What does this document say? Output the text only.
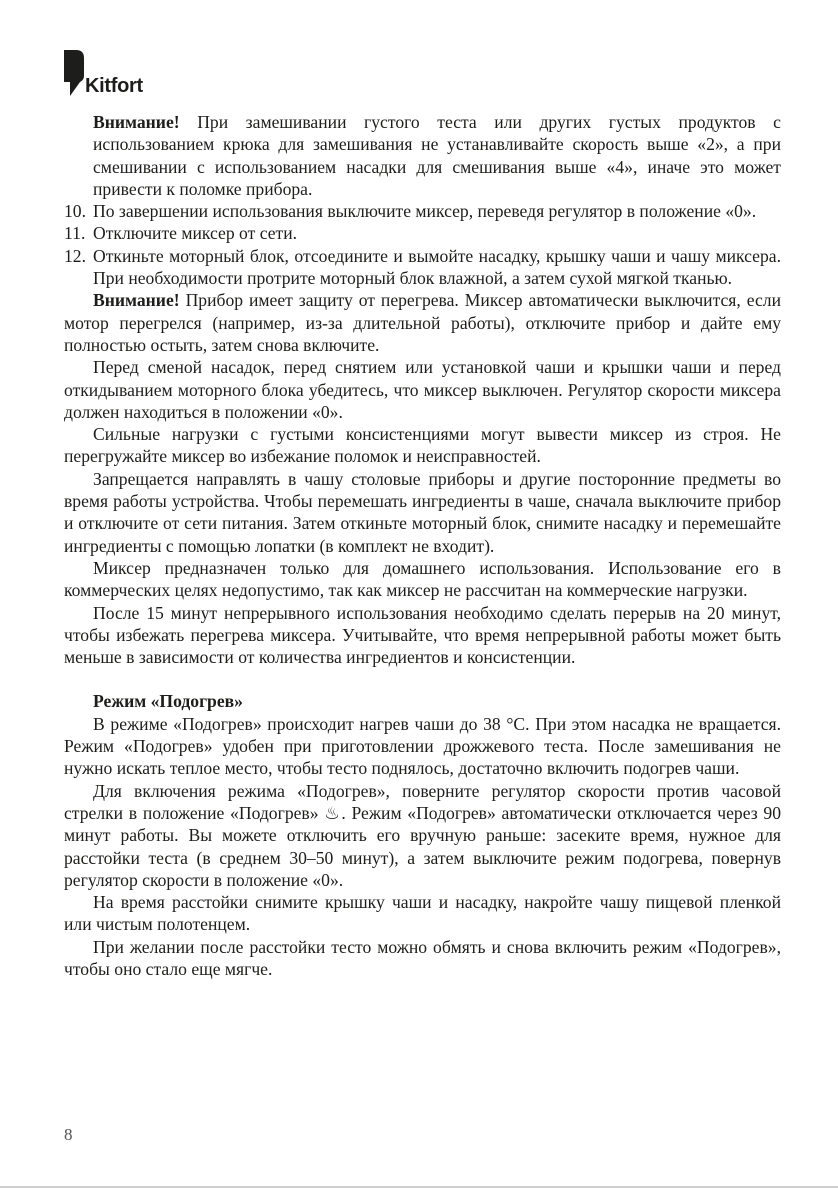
Kitfort

Внимание! При замешивании густого теста или других густых продуктов с использованием крюка для замешивания не устанавливайте скорость выше «2», а при смешивании с использованием насадки для смешивания выше «4», иначе это может привести к поломке прибора.

10. По завершении использования выключите миксер, переведя регулятор в положение «0».
11. Отключите миксер от сети.
12. Откиньте моторный блок, отсоедините и вымойте насадку, крышку чаши и чашу миксера. При необходимости протрите моторный блок влажной, а затем сухой мягкой тканью.

Внимание! Прибор имеет защиту от перегрева. Миксер автоматически выключится, если мотор перегрелся (например, из-за длительной работы), отключите прибор и дайте ему полностью остыть, затем снова включите.

Перед сменой насадок, перед снятием или установкой чаши и крышки чаши и перед откидыванием моторного блока убедитесь, что миксер выключен. Регулятор скорости миксера должен находиться в положении «0».

Сильные нагрузки с густыми консистенциями могут вывести миксер из строя. Не перегружайте миксер во избежание поломок и неисправностей.

Запрещается направлять в чашу столовые приборы и другие посторонние предметы во время работы устройства. Чтобы перемешать ингредиенты в чаше, сначала выключите прибор и отключите от сети питания. Затем откиньте моторный блок, снимите насадку и перемешайте ингредиенты с помощью лопатки (в комплект не входит).

Миксер предназначен только для домашнего использования. Использование его в коммерческих целях недопустимо, так как миксер не рассчитан на коммерческие нагрузки.

После 15 минут непрерывного использования необходимо сделать перерыв на 20 минут, чтобы избежать перегрева миксера. Учитывайте, что время непрерывной работы может быть меньше в зависимости от количества ингредиентов и консистенции.

Режим «Подогрев»

В режиме «Подогрев» происходит нагрев чаши до 38 °С. При этом насадка не вращается. Режим «Подогрев» удобен при приготовлении дрожжевого теста. После замешивания не нужно искать теплое место, чтобы тесто поднялось, достаточно включить подогрев чаши.

Для включения режима «Подогрев», поверните регулятор скорости против часовой стрелки в положение «Подогрев» ♨. Режим «Подогрев» автоматически отключается через 90 минут работы. Вы можете отключить его вручную раньше: засеките время, нужное для расстойки теста (в среднем 30–50 минут), а затем выключите режим подогрева, повернув регулятор скорости в положение «0».

На время расстойки снимите крышку чаши и насадку, накройте чашу пищевой пленкой или чистым полотенцем.

При желании после расстойки тесто можно обмять и снова включить режим «Подогрев», чтобы оно стало еще мягче.

8
